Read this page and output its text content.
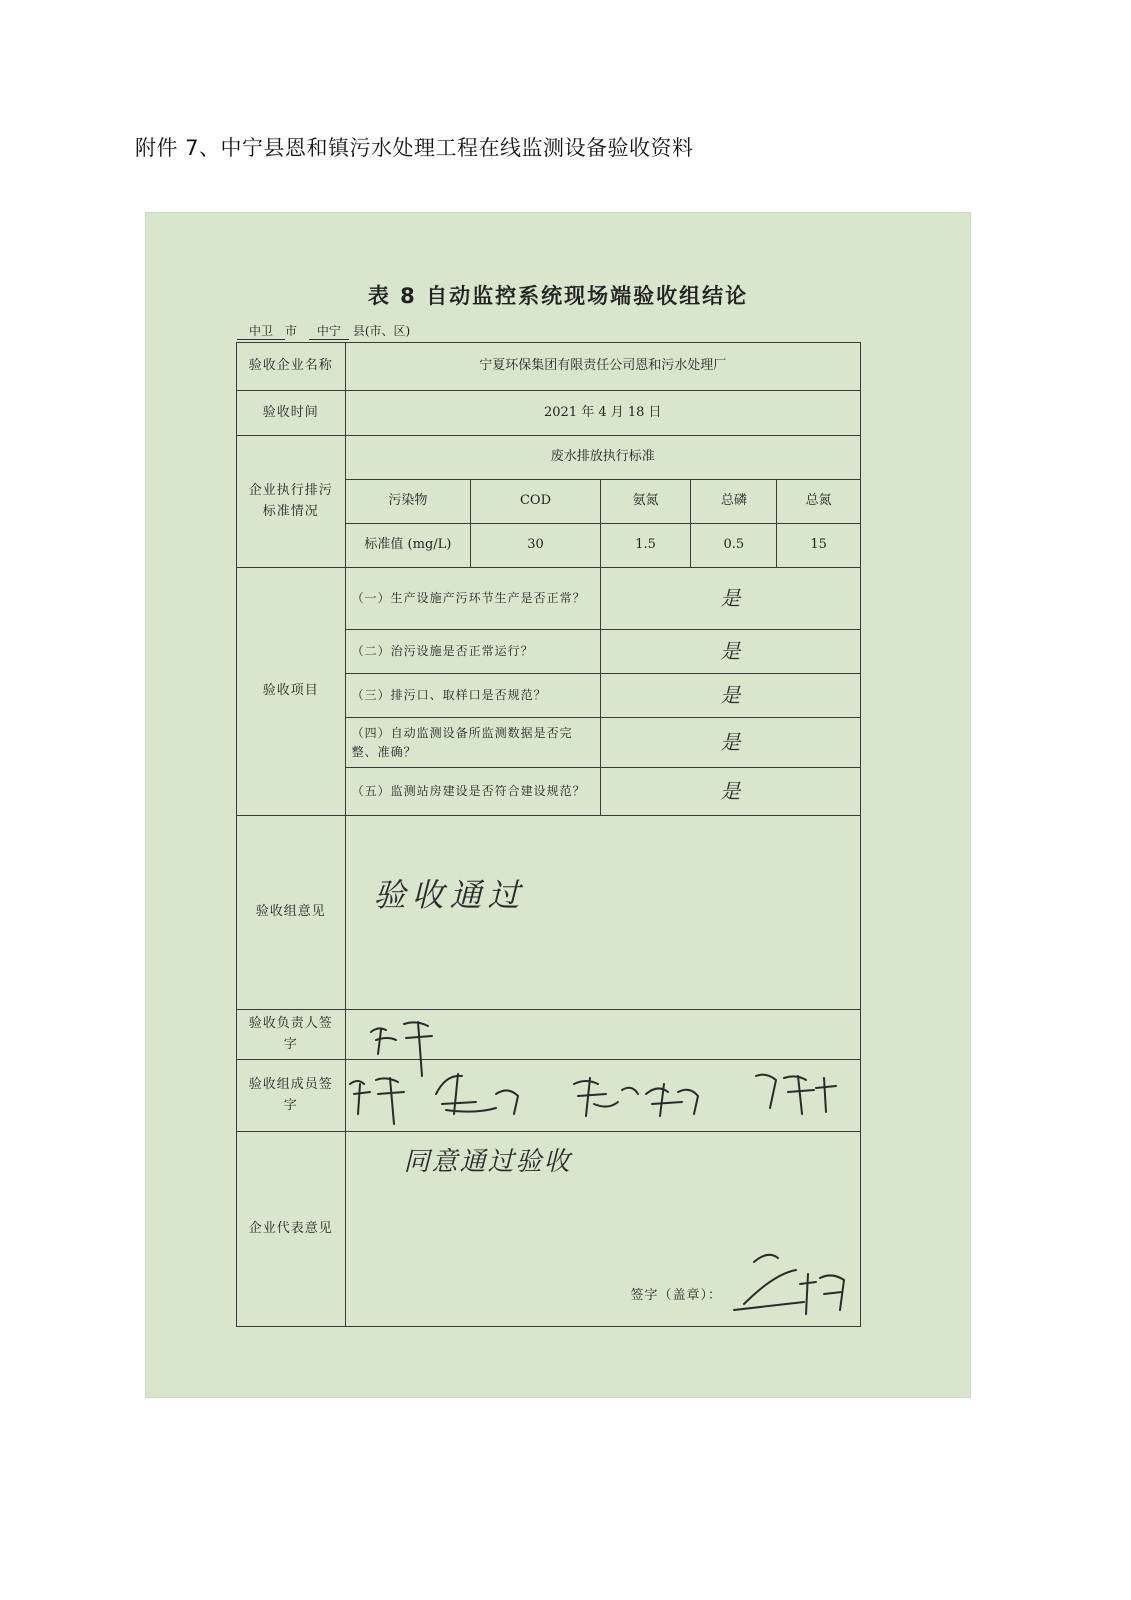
附件 7、中宁县恩和镇污水处理工程在线监测设备验收资料
表 8 自动监控系统现场端验收组结论
中卫 市 中宁 县(市、区)
验收企业名称	宁夏环保集团有限责任公司恩和污水处理厂				
验收时间	2021 年 4 月 18 日				
企业执行排污标准情况	废水排放执行标准				
	污染物	COD	氨氮	总磷	总氮
	标准值 (mg/L)	30	1.5	0.5	15
验收项目	（一）生产设施产污环节生产是否正常？		是		
	（二）治污设施是否正常运行？		是		
	（三）排污口、取样口是否规范？		是		
	（四）自动监测设备所监测数据是否完整、准确？		是		
	（五）监测站房建设是否符合建设规范？		是		
验收组意见	验收通过				
验收负责人签字	

验收组成员签字	

企业代表意见	同意通过验收
签字（盖章）：				
